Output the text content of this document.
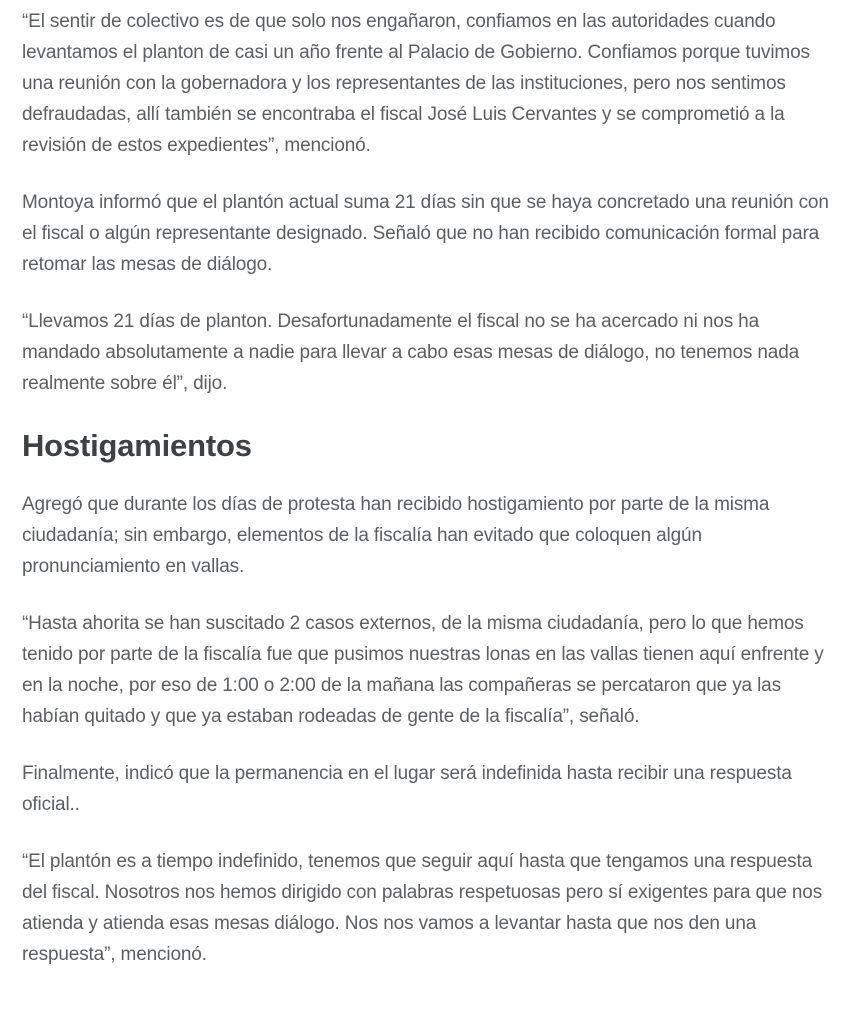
“El sentir de colectivo es de que solo nos engañaron, confiamos en las autoridades cuando levantamos el planton de casi un año frente al Palacio de Gobierno. Confiamos porque tuvimos una reunión con la gobernadora y los representantes de las instituciones, pero nos sentimos defraudadas, allí también se encontraba el fiscal José Luis Cervantes y se comprometió a la revisión de estos expedientes”, mencionó.

Montoya informó que el plantón actual suma 21 días sin que se haya concretado una reunión con el fiscal o algún representante designado. Señaló que no han recibido comunicación formal para retomar las mesas de diálogo.

“Llevamos 21 días de planton. Desafortunadamente el fiscal no se ha acercado ni nos ha mandado absolutamente a nadie para llevar a cabo esas mesas de diálogo, no tenemos nada realmente sobre él”, dijo.

Hostigamientos

Agregó que durante los días de protesta han recibido hostigamiento por parte de la misma ciudadanía; sin embargo, elementos de la fiscalía han evitado que coloquen algún pronunciamiento en vallas.

“Hasta ahorita se han suscitado 2 casos externos, de la misma ciudadanía, pero lo que hemos tenido por parte de la fiscalía fue que pusimos nuestras lonas en las vallas tienen aquí enfrente y en la noche, por eso de 1:00 o 2:00 de la mañana las compañeras se percataron que ya las habían quitado y que ya estaban rodeadas de gente de la fiscalía”, señaló.

Finalmente, indicó que la permanencia en el lugar será indefinida hasta recibir una respuesta oficial..

“El plantón es a tiempo indefinido, tenemos que seguir aquí hasta que tengamos una respuesta del fiscal. Nosotros nos hemos dirigido con palabras respetuosas pero sí exigentes para que nos atienda y atienda esas mesas diálogo. Nos nos vamos a levantar hasta que nos den una respuesta”, mencionó.
